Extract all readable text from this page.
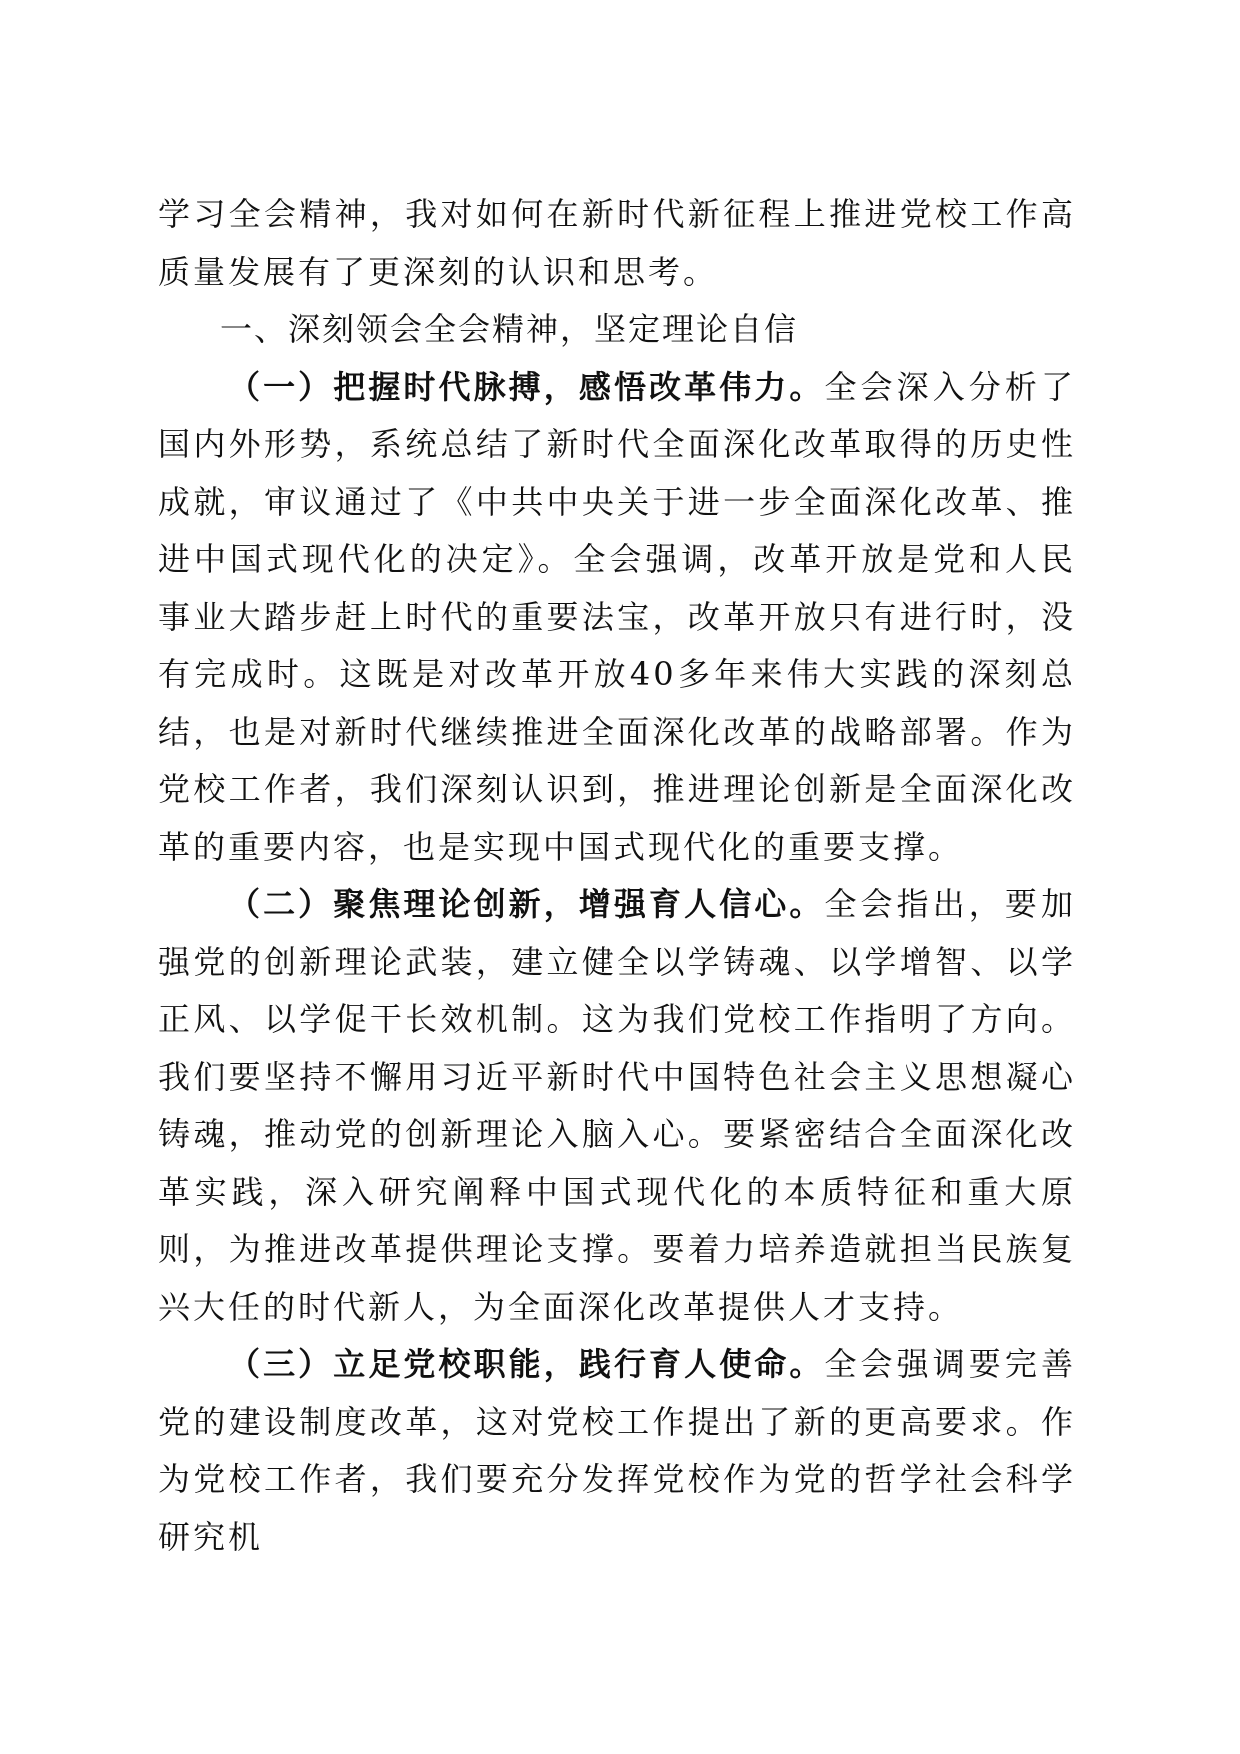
学习全会精神，我对如何在新时代新征程上推进党校工作高质量发展有了更深刻的认识和思考。

一、深刻领会全会精神，坚定理论自信

（一）把握时代脉搏，感悟改革伟力。全会深入分析了国内外形势，系统总结了新时代全面深化改革取得的历史性成就，审议通过了《中共中央关于进一步全面深化改革、推进中国式现代化的决定》。全会强调，改革开放是党和人民事业大踏步赶上时代的重要法宝，改革开放只有进行时，没有完成时。这既是对改革开放40多年来伟大实践的深刻总结，也是对新时代继续推进全面深化改革的战略部署。作为党校工作者，我们深刻认识到，推进理论创新是全面深化改革的重要内容，也是实现中国式现代化的重要支撑。

（二）聚焦理论创新，增强育人信心。全会指出，要加强党的创新理论武装，建立健全以学铸魂、以学增智、以学正风、以学促干长效机制。这为我们党校工作指明了方向。我们要坚持不懈用习近平新时代中国特色社会主义思想凝心铸魂，推动党的创新理论入脑入心。要紧密结合全面深化改革实践，深入研究阐释中国式现代化的本质特征和重大原则，为推进改革提供理论支撑。要着力培养造就担当民族复兴大任的时代新人，为全面深化改革提供人才支持。

（三）立足党校职能，践行育人使命。全会强调要完善党的建设制度改革，这对党校工作提出了新的更高要求。作为党校工作者，我们要充分发挥党校作为党的哲学社会科学研究机
